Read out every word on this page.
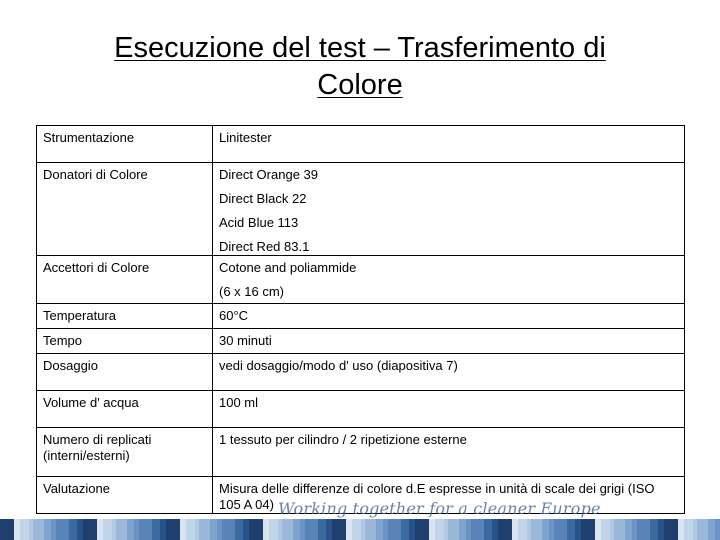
Esecuzione del test – Trasferimento di
Colore
Strumentazione	Linitester

Donatori di Colore	Direct Orange 39
Direct Black 22
Acid Blue 113
Direct Red 83.1

Accettori di Colore	Cotone and poliammide
(6 x 16 cm)

Temperatura	60°C

Tempo	30 minuti

Dosaggio	vedi dosaggio/modo d' uso (diapositiva 7)

Volume d' acqua	100 ml

Numero di replicati (interni/esterni)	1 tessuto per cilindro / 2 ripetizione esterne

Valutazione	Misura delle differenze di colore d.E espresse in unità di scale dei grigi (ISO 105 A 04) Working together for a cleaner Europe
